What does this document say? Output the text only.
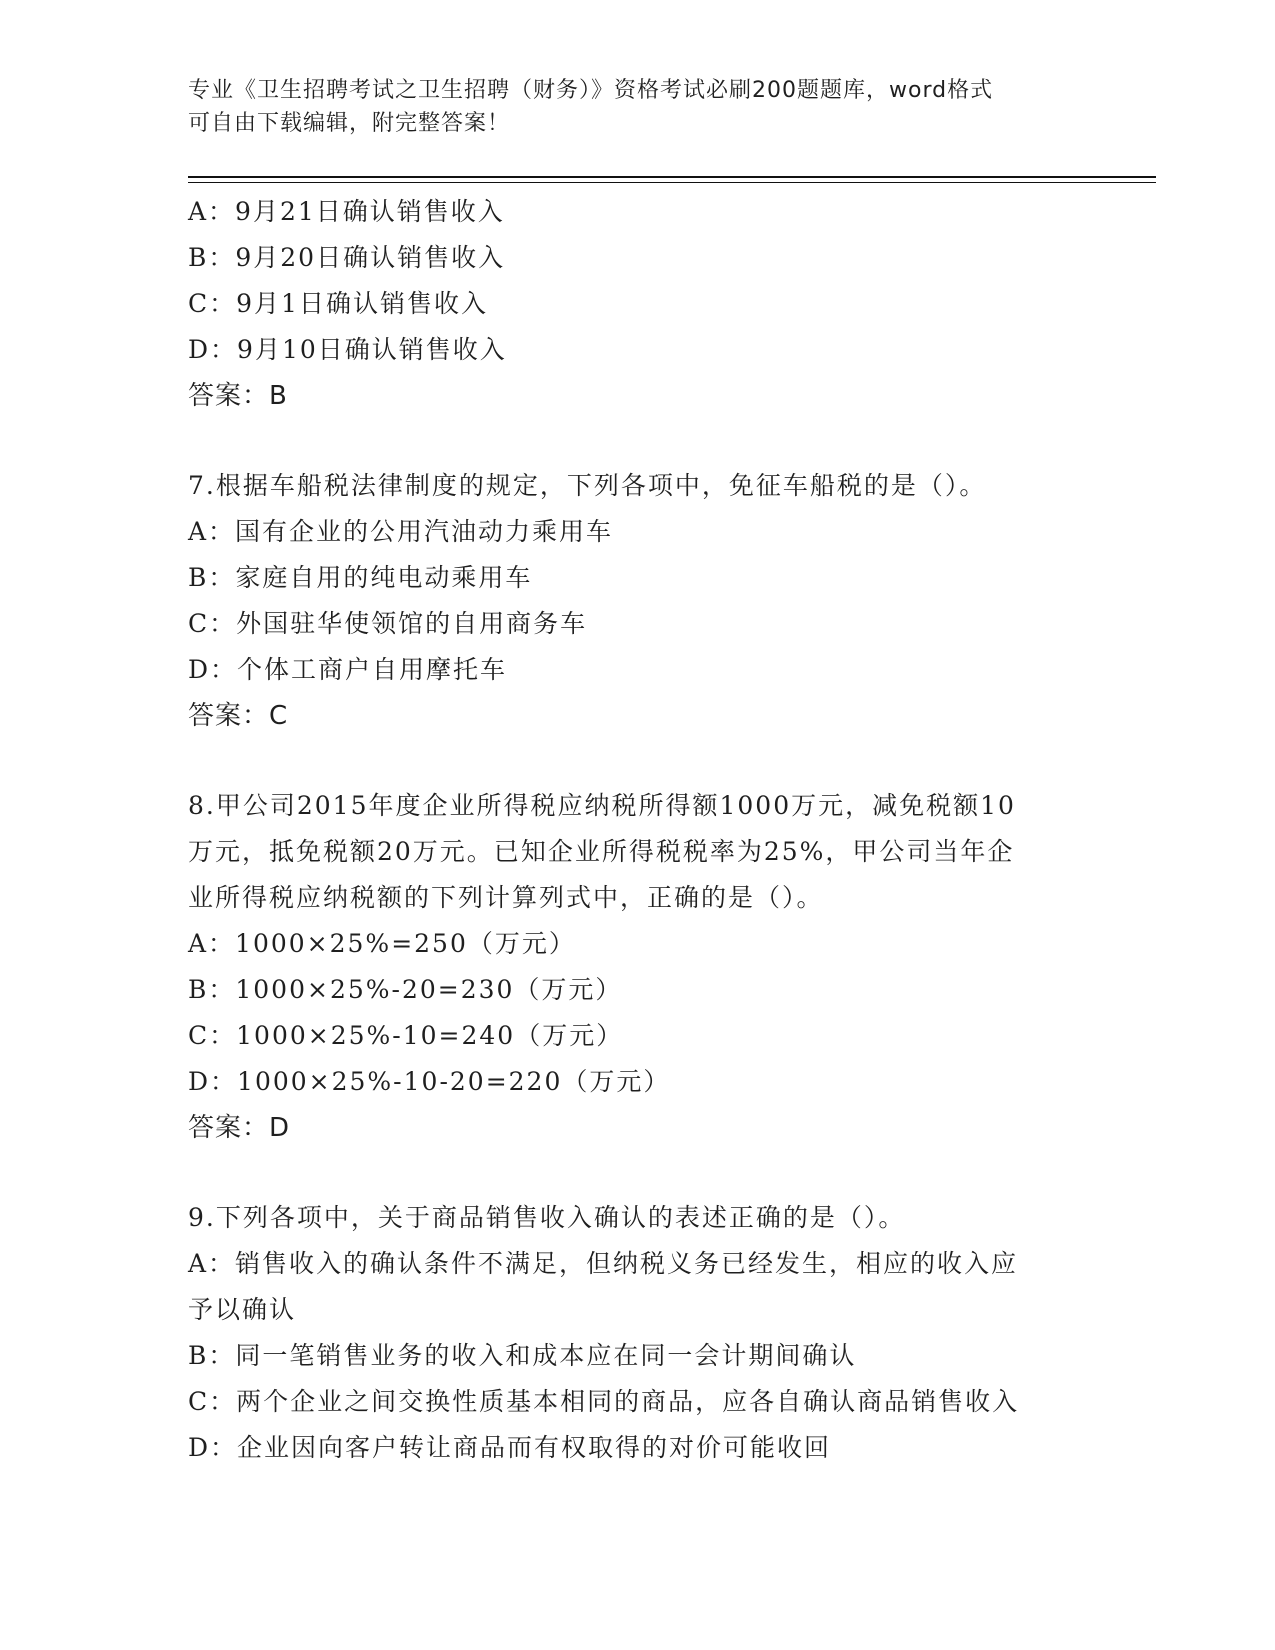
专业《卫生招聘考试之卫生招聘（财务）》资格考试必刷200题题库，word格式
可自由下载编辑，附完整答案！
A：9月21日确认销售收入
B：9月20日确认销售收入
C：9月1日确认销售收入
D：9月10日确认销售收入
答案：B
7.根据车船税法律制度的规定，下列各项中，免征车船税的是（）。
A：国有企业的公用汽油动力乘用车
B：家庭自用的纯电动乘用车
C：外国驻华使领馆的自用商务车
D：个体工商户自用摩托车
答案：C
8.甲公司2015年度企业所得税应纳税所得额1000万元，减免税额10
万元，抵免税额20万元。已知企业所得税税率为25%，甲公司当年企
业所得税应纳税额的下列计算列式中，正确的是（）。
A：1000×25%=250（万元）
B：1000×25%-20=230（万元）
C：1000×25%-10=240（万元）
D：1000×25%-10-20=220（万元）
答案：D
9.下列各项中，关于商品销售收入确认的表述正确的是（）。
A：销售收入的确认条件不满足，但纳税义务已经发生，相应的收入应
予以确认
B：同一笔销售业务的收入和成本应在同一会计期间确认
C：两个企业之间交换性质基本相同的商品，应各自确认商品销售收入
D：企业因向客户转让商品而有权取得的对价可能收回
